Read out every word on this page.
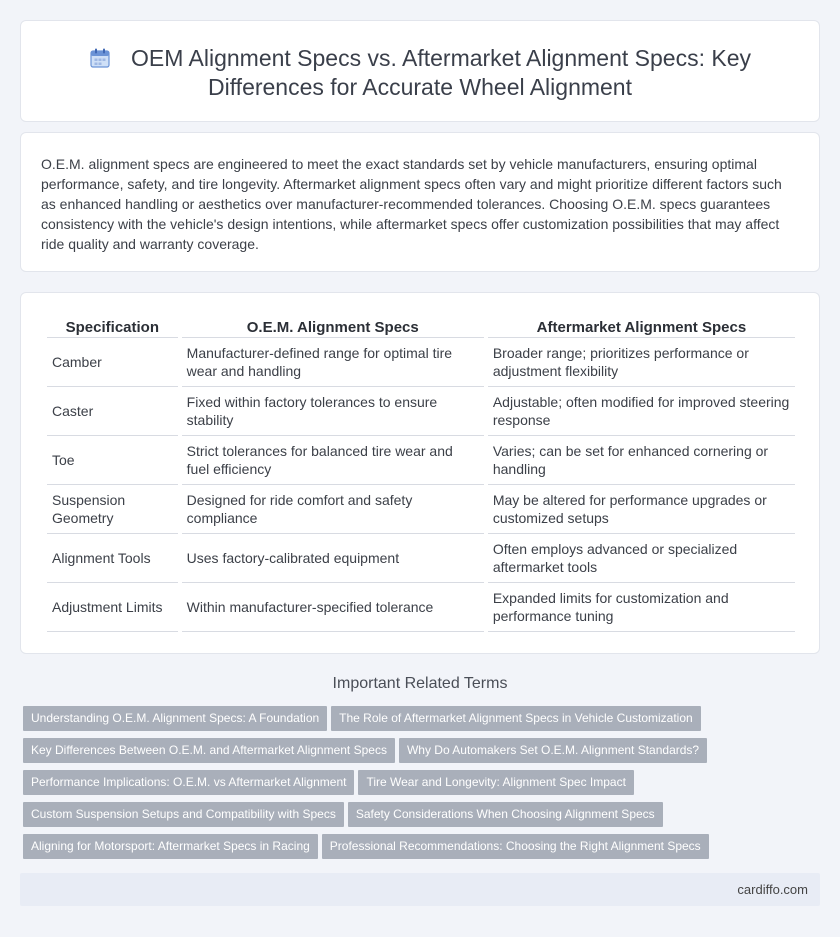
OEM Alignment Specs vs. Aftermarket Alignment Specs: Key Differences for Accurate Wheel Alignment

O.E.M. alignment specs are engineered to meet the exact standards set by vehicle manufacturers, ensuring optimal performance, safety, and tire longevity. Aftermarket alignment specs often vary and might prioritize different factors such as enhanced handling or aesthetics over manufacturer-recommended tolerances. Choosing O.E.M. specs guarantees consistency with the vehicle's design intentions, while aftermarket specs offer customization possibilities that may affect ride quality and warranty coverage.

Specification	O.E.M. Alignment Specs	Aftermarket Alignment Specs
Camber	Manufacturer-defined range for optimal tire wear and handling	Broader range; prioritizes performance or adjustment flexibility
Caster	Fixed within factory tolerances to ensure stability	Adjustable; often modified for improved steering response
Toe	Strict tolerances for balanced tire wear and fuel efficiency	Varies; can be set for enhanced cornering or handling
Suspension Geometry	Designed for ride comfort and safety compliance	May be altered for performance upgrades or customized setups
Alignment Tools	Uses factory-calibrated equipment	Often employs advanced or specialized aftermarket tools
Adjustment Limits	Within manufacturer-specified tolerance	Expanded limits for customization and performance tuning
Important Related Terms
Understanding O.E.M. Alignment Specs: A Foundation The Role of Aftermarket Alignment Specs in Vehicle Customization
Key Differences Between O.E.M. and Aftermarket Alignment Specs Why Do Automakers Set O.E.M. Alignment Standards?
Performance Implications: O.E.M. vs Aftermarket Alignment Tire Wear and Longevity: Alignment Spec Impact
Custom Suspension Setups and Compatibility with Specs Safety Considerations When Choosing Alignment Specs
Aligning for Motorsport: Aftermarket Specs in Racing Professional Recommendations: Choosing the Right Alignment Specs
cardiffo.com
